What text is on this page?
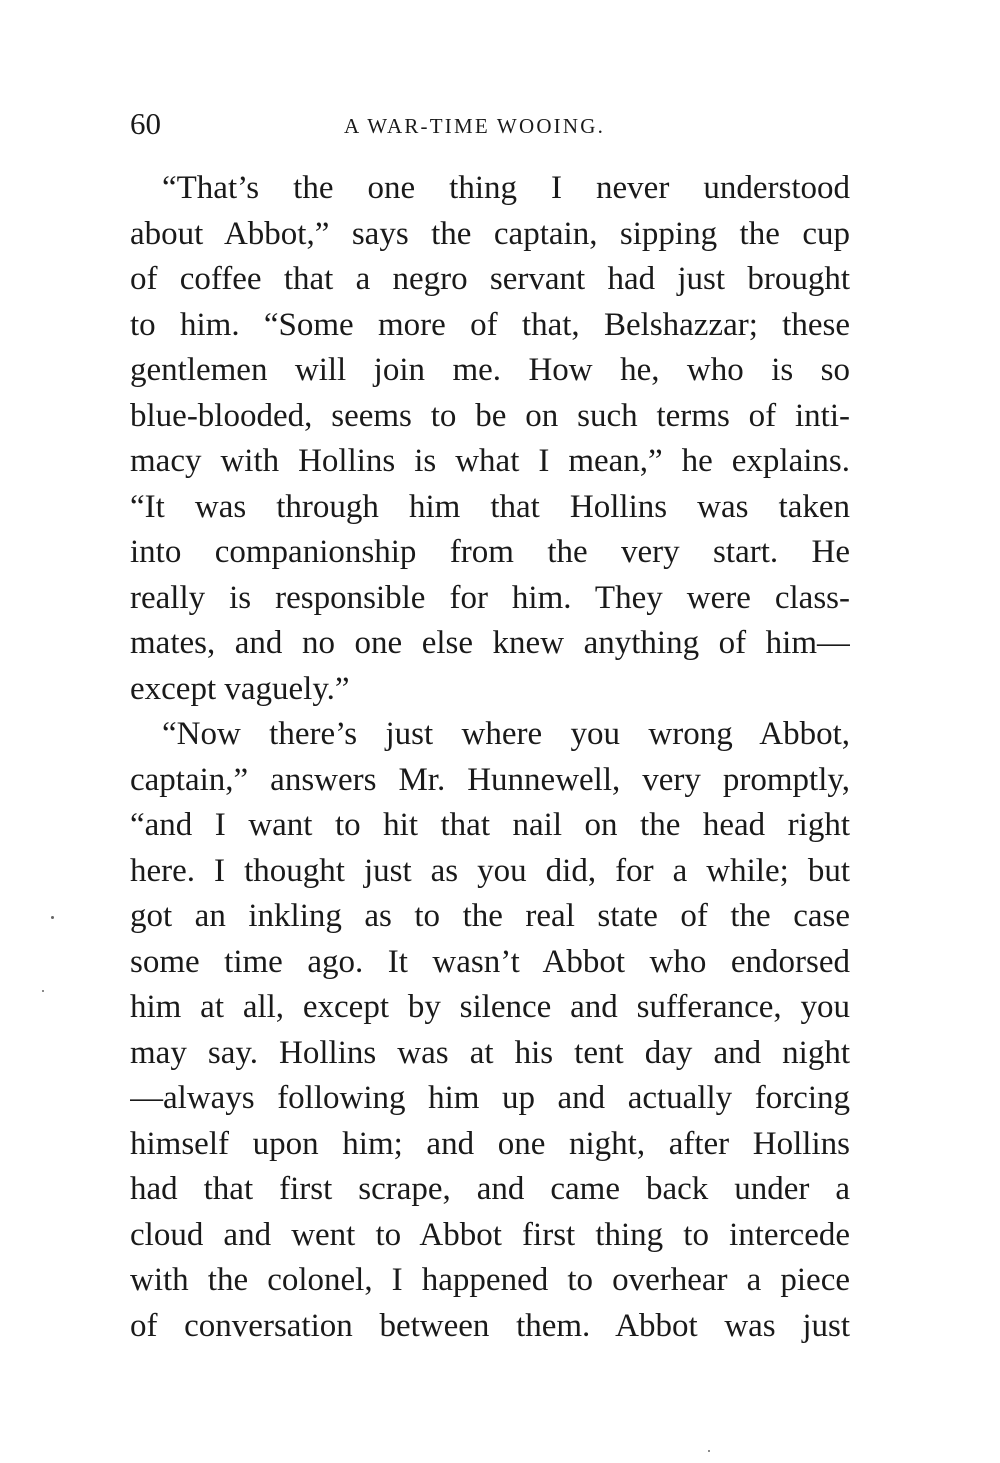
60	A WAR-TIME WOOING.
“That’s the one thing I never understood
about Abbot,” says the captain, sipping the cup
of coffee that a negro servant had just brought
to him. “Some more of that, Belshazzar; these
gentlemen will join me. How he, who is so
blue-blooded, seems to be on such terms of inti-
macy with Hollins is what I mean,” he explains.
“It was through him that Hollins was taken
into companionship from the very start. He
really is responsible for him. They were class-
mates, and no one else knew anything of him—
except vaguely.”
“Now there’s just where you wrong Abbot,
captain,” answers Mr. Hunnewell, very promptly,
“and I want to hit that nail on the head right
here. I thought just as you did, for a while; but
got an inkling as to the real state of the case
some time ago. It wasn’t Abbot who endorsed
him at all, except by silence and sufferance, you
may say. Hollins was at his tent day and night
—always following him up and actually forcing
himself upon him; and one night, after Hollins
had that first scrape, and came back under a
cloud and went to Abbot first thing to intercede
with the colonel, I happened to overhear a piece
of conversation between them. Abbot was just
